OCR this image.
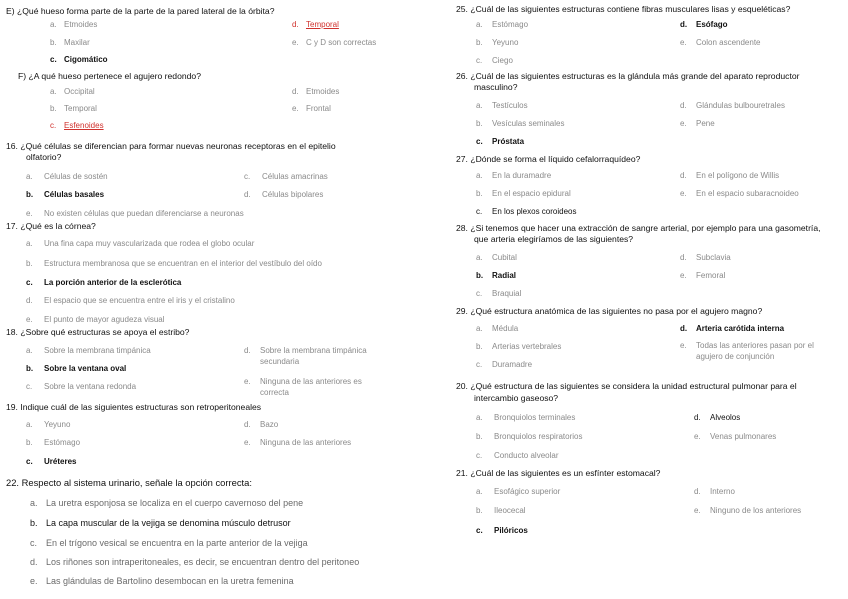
E) ¿Qué hueso forma parte de la parte de la pared lateral de la órbita?
a. Etmoides	d. Temporal
b. Maxilar	e. C y D son correctas
c. Cigomático
F) ¿A qué hueso pertenece el agujero redondo?
a. Occipital	d. Etmoides
b. Temporal	e. Frontal
c. Esfenoides
16. ¿Qué células se diferencian para formar nuevas neuronas receptoras en el epitelio
olfatorio?
a. Células de sostén	c. Células amacrinas
b. Células basales	d. Células bipolares
e. No existen células que puedan diferenciarse a neuronas
17. ¿Qué es la córnea?
a. Una fina capa muy vascularizada que rodea el globo ocular
b. Estructura membranosa que se encuentran en el interior del vestíbulo del oído
c. La porción anterior de la esclerótica
d. El espacio que se encuentra entre el iris y el cristalino
e. El punto de mayor agudeza visual
18. ¿Sobre qué estructuras se apoya el estribo?
a. Sobre la membrana timpánica	d. Sobre la membrana timpánica
secundaria
b. Sobre la ventana oval
c. Sobre la ventana redonda
e. Ninguna de las anteriores es
correcta
19. Indique cuál de las siguientes estructuras son retroperitoneales
a. Yeyuno	d. Bazo
b. Estómago	e. Ninguna de las anteriores
c. Uréteres
22. Respecto al sistema urinario, señale la opción correcta:
a. La uretra esponjosa se localiza en el cuerpo cavernoso del pene
b. La capa muscular de la vejiga se denomina músculo detrusor
c. En el trígono vesical se encuentra en la parte anterior de la vejiga
d. Los riñones son intraperitoneales, es decir, se encuentran dentro del peritoneo
e. Las glándulas de Bartolino desembocan en la uretra femenina
25. ¿Cuál de las siguientes estructuras contiene fibras musculares lisas y esqueléticas?
a. Estómago	d. Esófago
b. Yeyuno	e. Colon ascendente
c. Ciego
26. ¿Cuál de las siguientes estructuras es la glándula más grande del aparato reproductor
masculino?
a. Testículos	d. Glándulas bulbouretrales
b. Vesículas seminales	e. Pene
c. Próstata
27. ¿Dónde se forma el líquido cefalorraquídeo?
a. En la duramadre	d. En el polígono de Willis
b. En el espacio epidural	e. En el espacio subaracnoideo
c. En los plexos coroideos
28. ¿Si tenemos que hacer una extracción de sangre arterial, por ejemplo para una gasometría,
que arteria elegiríamos de las siguientes?
a. Cubital	d. Subclavia
b. Radial	e. Femoral
c. Braquial
29. ¿Qué estructura anatómica de las siguientes no pasa por el agujero magno?
a. Médula	d. Arteria carótida interna
b. Arterias vertebrales	e. Todas las anteriores pasan por el
agujero de conjunción
c. Duramadre
20. ¿Qué estructura de las siguientes se considera la unidad estructural pulmonar para el
intercambio gaseoso?
a. Bronquiolos terminales	d. Alveolos
b. Bronquiolos respiratorios	e. Venas pulmonares
c. Conducto alveolar
21. ¿Cuál de las siguientes es un esfínter estomacal?
a. Esofágico superior	d. Interno
b. Ileocecal	e. Ninguno de los anteriores
c. Pilóricos
